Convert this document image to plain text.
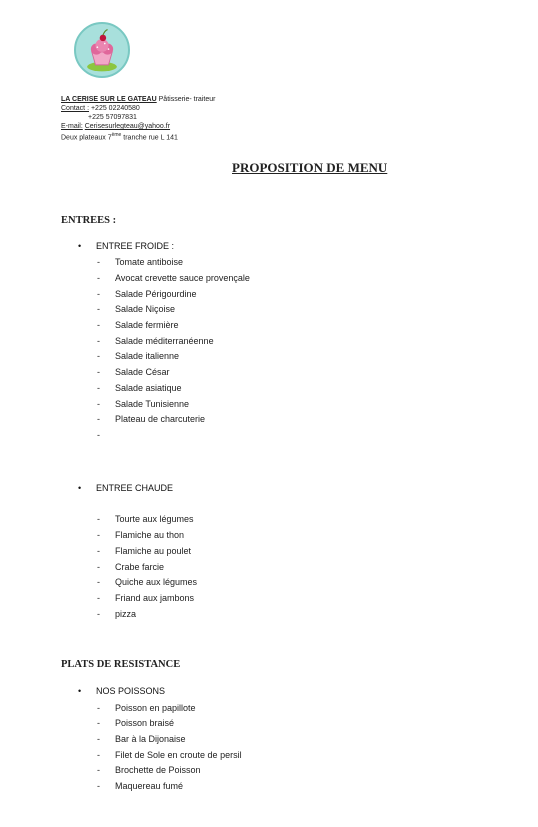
LA CERISE SUR LE GATEAU Pâtisserie- traiteur
Contact : +225 02240580
+225 57097831
E-mail: Cerisesurlegteau@yahoo.fr
Deux plateaux 7ème tranche rue L 141
PROPOSITION DE MENU
ENTREES :
• ENTREE FROIDE :
- Tomate antiboise
- Avocat crevette sauce provençale
- Salade Périgourdine
- Salade Niçoise
- Salade fermière
- Salade méditerranéenne
- Salade italienne
- Salade César
- Salade asiatique
- Salade Tunisienne
- Plateau de charcuterie
-
• ENTREE CHAUDE
- Tourte aux légumes
- Flamiche au thon
- Flamiche au poulet
- Crabe farcie
- Quiche aux légumes
- Friand aux jambons
- pizza
PLATS DE RESISTANCE
• NOS POISSONS
- Poisson en papillote
- Poisson braisé
- Bar à la Dijonaise
- Filet de Sole en croute de persil
- Brochette de Poisson
- Maquereau fumé
